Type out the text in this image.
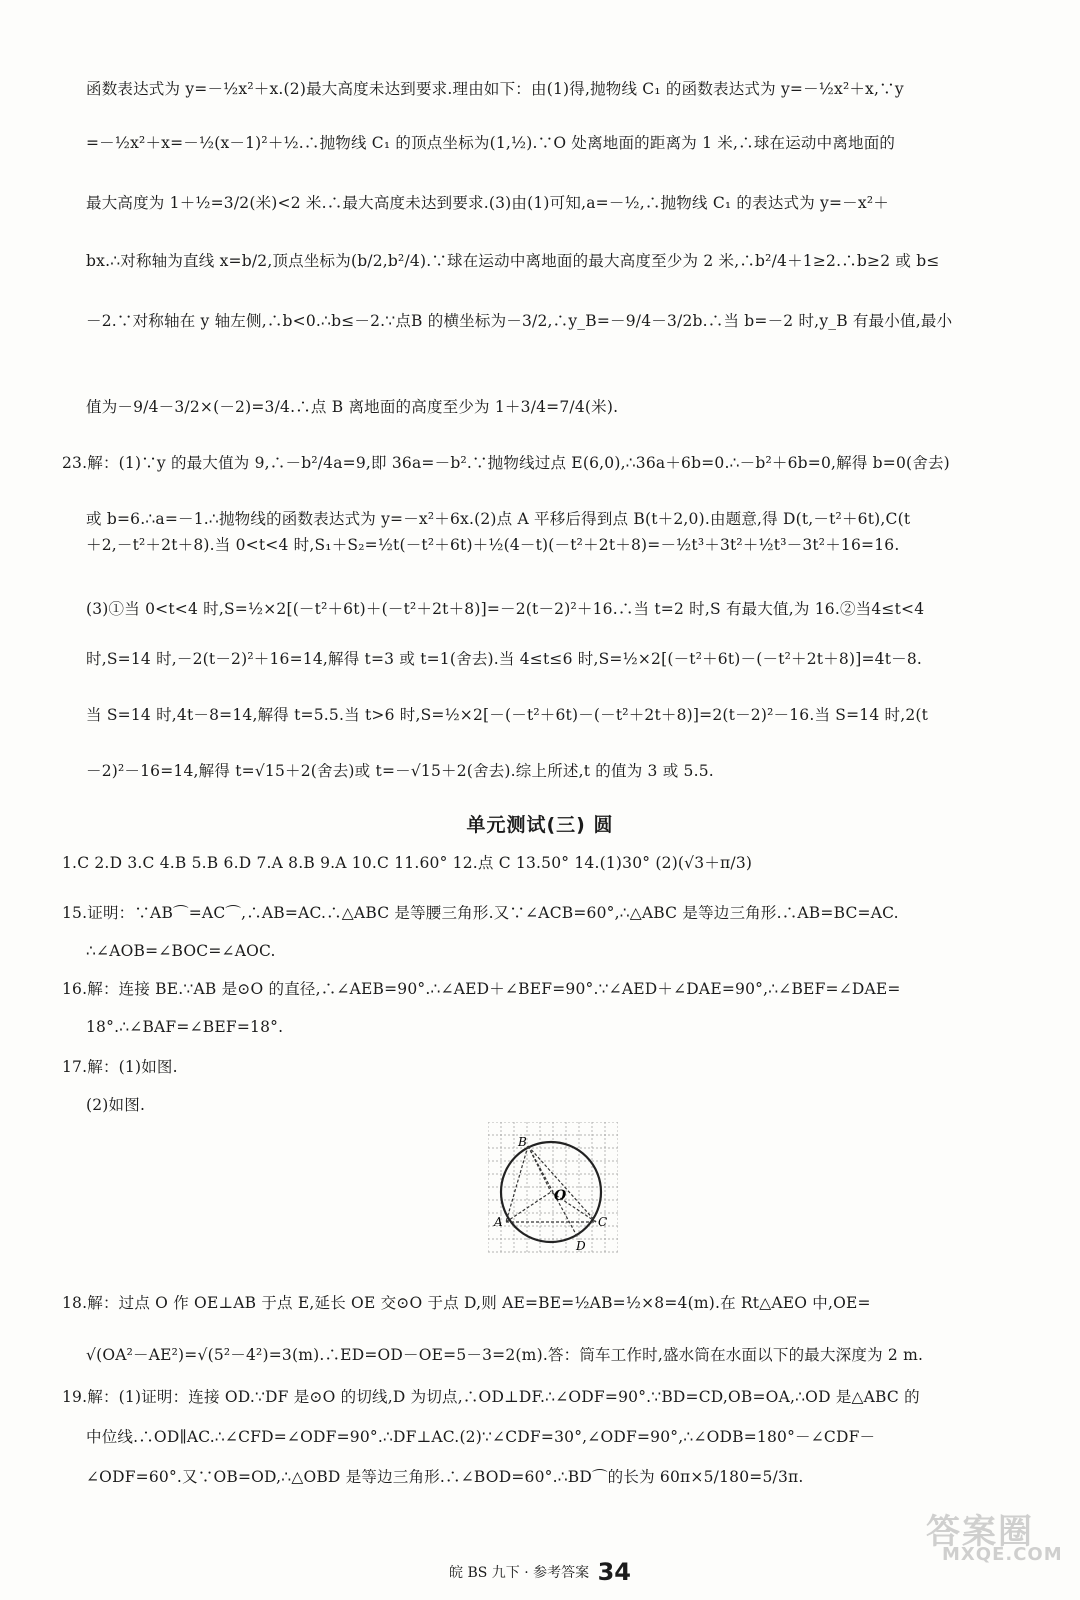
函数表达式为 y=－½x²＋x.(2)最大高度未达到要求.理由如下：由(1)得,抛物线 C₁ 的函数表达式为 y=－½x²＋x,∵y
=－½x²＋x=－½(x－1)²＋½.∴抛物线 C₁ 的顶点坐标为(1,½).∵O 处离地面的距离为 1 米,∴球在运动中离地面的
最大高度为 1＋½=3/2(米)<2 米.∴最大高度未达到要求.(3)由(1)可知,a=－½,∴抛物线 C₁ 的表达式为 y=－x²＋
bx.∴对称轴为直线 x=b/2,顶点坐标为(b/2,b²/4).∵球在运动中离地面的最大高度至少为 2 米,∴b²/4＋1≥2.∴b≥2 或 b≤
－2.∵对称轴在 y 轴左侧,∴b<0.∴b≤－2.∵点B 的横坐标为－3/2,∴y_B=－9/4－3/2b.∴当 b=－2 时,y_B 有最小值,最小
值为－9/4－3/2×(－2)=3/4.∴点 B 离地面的高度至少为 1＋3/4=7/4(米).
23.解：(1)∵y 的最大值为 9,∴－b²/4a=9,即 36a=－b².∵抛物线过点 E(6,0),∴36a＋6b=0.∴－b²＋6b=0,解得 b=0(舍去)
或 b=6.∴a=－1.∴抛物线的函数表达式为 y=－x²＋6x.(2)点 A 平移后得到点 B(t＋2,0).由题意,得 D(t,－t²＋6t),C(t
＋2,－t²＋2t＋8).当 0<t<4 时,S₁＋S₂=½t(－t²＋6t)＋½(4－t)(－t²＋2t＋8)=－½t³＋3t²＋½t³－3t²＋16=16.
(3)①当 0<t<4 时,S=½×2[(－t²＋6t)＋(－t²＋2t＋8)]=－2(t－2)²＋16.∴当 t=2 时,S 有最大值,为 16.②当4≤t<4
时,S=14 时,－2(t－2)²＋16=14,解得 t=3 或 t=1(舍去).当 4≤t≤6 时,S=½×2[(－t²＋6t)－(－t²＋2t＋8)]=4t－8.
当 S=14 时,4t－8=14,解得 t=5.5.当 t>6 时,S=½×2[－(－t²＋6t)－(－t²＋2t＋8)]=2(t－2)²－16.当 S=14 时,2(t
－2)²－16=14,解得 t=√15＋2(舍去)或 t=－√15＋2(舍去).综上所述,t 的值为 3 或 5.5.
单元测试(三) 圆
1.C 2.D 3.C 4.B 5.B 6.D 7.A 8.B 9.A 10.C 11.60° 12.点 C 13.50° 14.(1)30° (2)(√3＋π/3)
15.证明：∵AB⌒=AC⌒,∴AB=AC.∴△ABC 是等腰三角形.又∵∠ACB=60°,∴△ABC 是等边三角形.∴AB=BC=AC.
∴∠AOB=∠BOC=∠AOC.
16.解：连接 BE.∵AB 是⊙O 的直径,∴∠AEB=90°.∴∠AED＋∠BEF=90°.∵∠AED＋∠DAE=90°,∴∠BEF=∠DAE=
18°.∴∠BAF=∠BEF=18°.
17.解：(1)如图.
(2)如图.
B
A	C
D
O
18.解：过点 O 作 OE⊥AB 于点 E,延长 OE 交⊙O 于点 D,则 AE=BE=½AB=½×8=4(m).在 Rt△AEO 中,OE=
√(OA²－AE²)=√(5²－4²)=3(m).∴ED=OD－OE=5－3=2(m).答：筒车工作时,盛水筒在水面以下的最大深度为 2 m.
19.解：(1)证明：连接 OD.∵DF 是⊙O 的切线,D 为切点,∴OD⊥DF.∴∠ODF=90°.∵BD=CD,OB=OA,∴OD 是△ABC 的
中位线.∴OD∥AC.∴∠CFD=∠ODF=90°.∴DF⊥AC.(2)∵∠CDF=30°,∠ODF=90°,∴∠ODB=180°－∠CDF－
∠ODF=60°.又∵OB=OD,∴△OBD 是等边三角形.∴∠BOD=60°.∴BD⌒的长为 60π×5/180=5/3π.
皖 BS 九下 · 参考答案 34
答案圈
MXQE.COM
